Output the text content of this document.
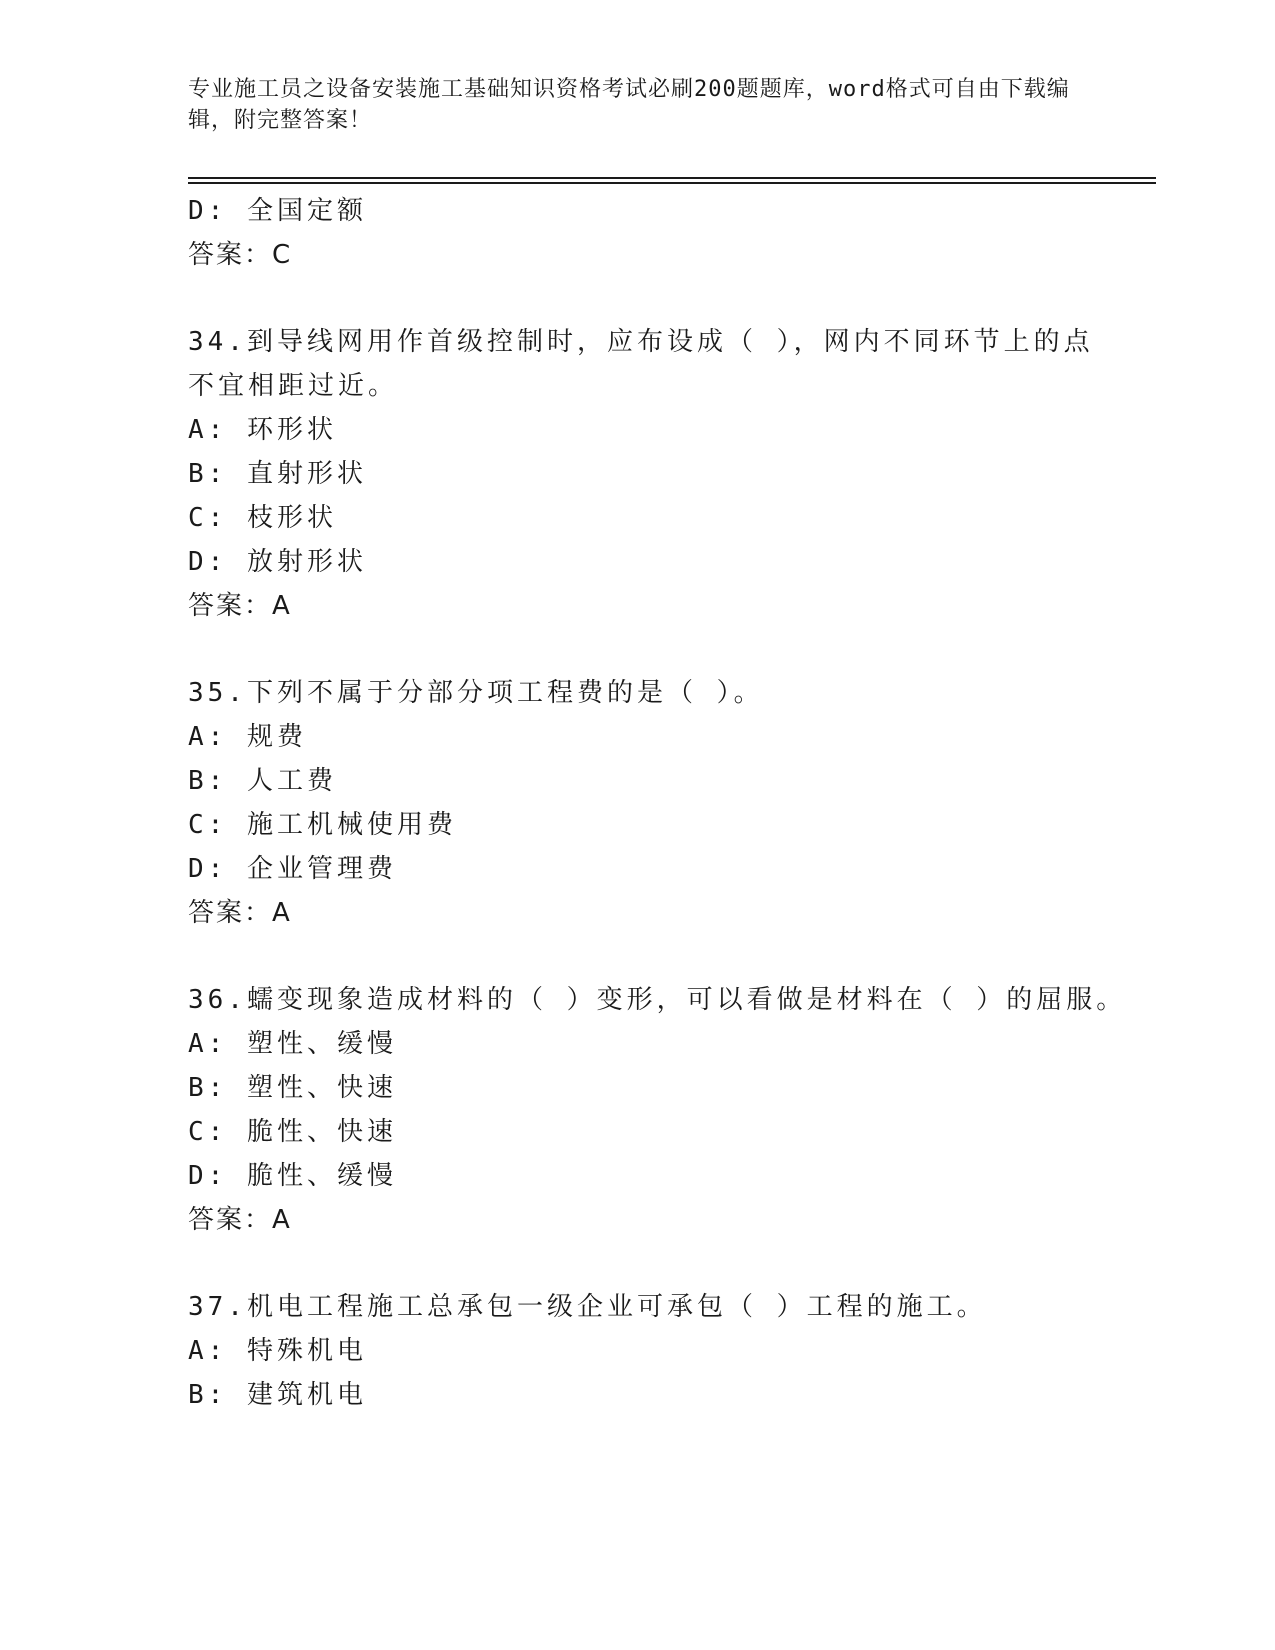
专业施工员之设备安装施工基础知识资格考试必刷200题题库，word格式可自由下载编辑，附完整答案！
D: 全国定额
答案：C
34.到导线网用作首级控制时，应布设成（ ），网内不同环节上的点
不宜相距过近。
A: 环形状
B: 直射形状
C: 枝形状
D: 放射形状
答案：A
35.下列不属于分部分项工程费的是（ ）。
A: 规费
B: 人工费
C: 施工机械使用费
D: 企业管理费
答案：A
36.蠕变现象造成材料的（ ）变形，可以看做是材料在（ ）的屈服。
A: 塑性、缓慢
B: 塑性、快速
C: 脆性、快速
D: 脆性、缓慢
答案：A
37.机电工程施工总承包一级企业可承包（ ）工程的施工。
A: 特殊机电
B: 建筑机电
